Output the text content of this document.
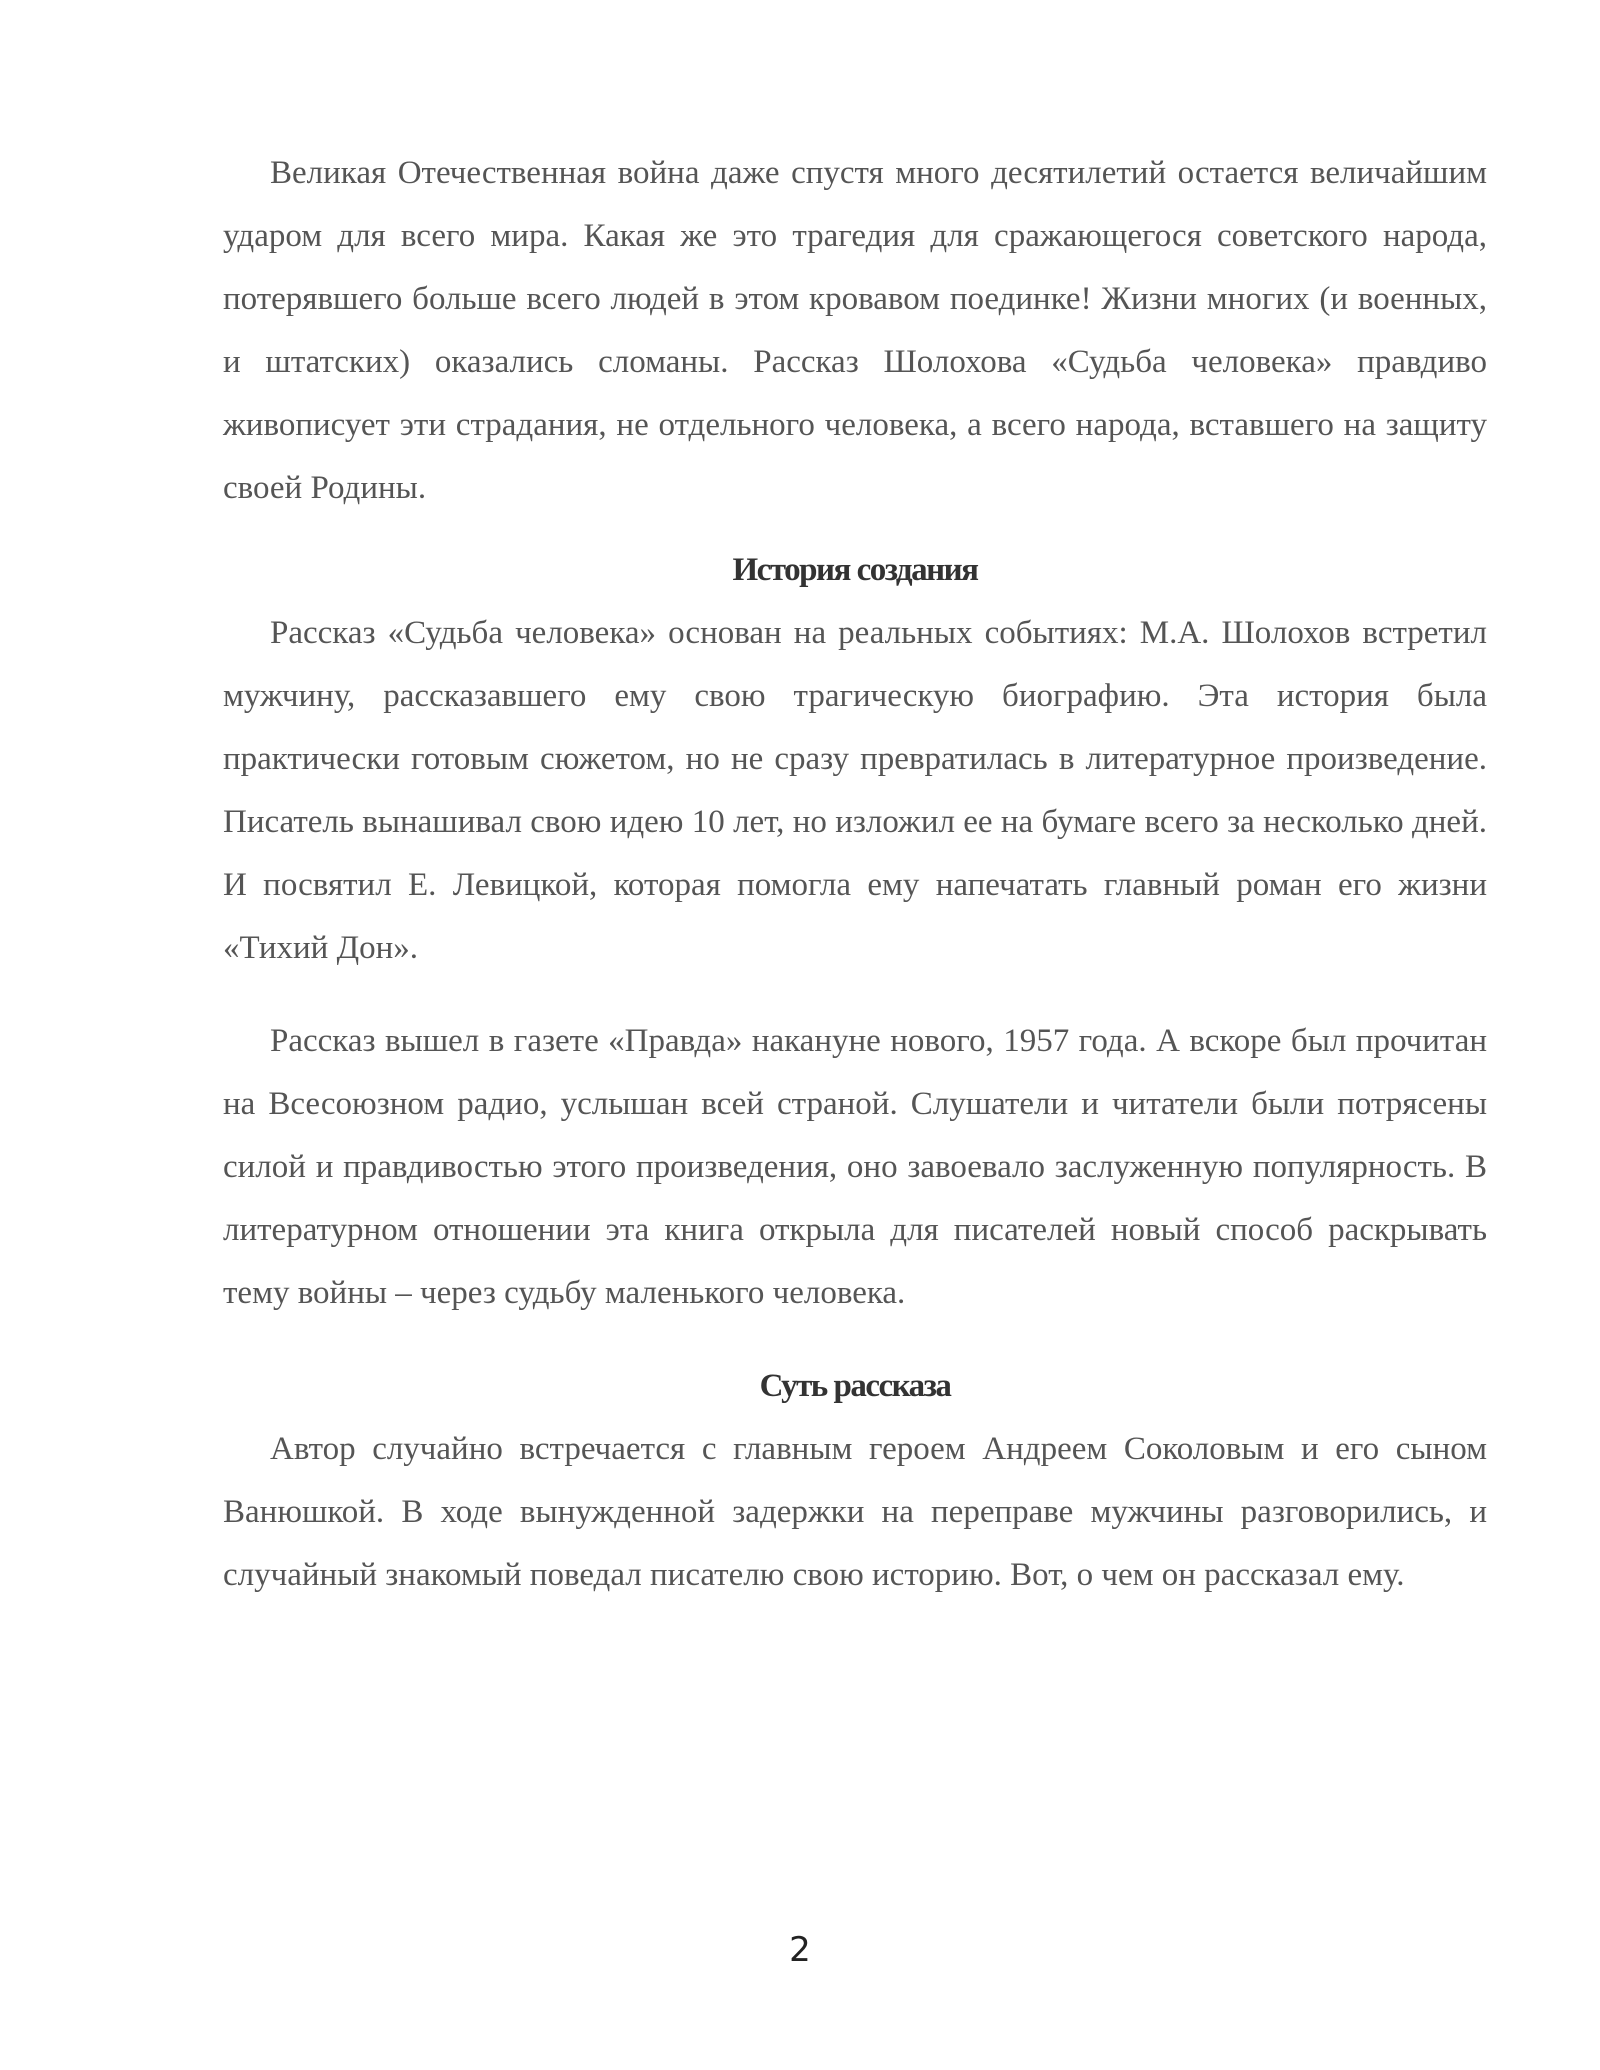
Великая Отечественная война даже спустя много десятилетий остается величайшим ударом для всего мира. Какая же это трагедия для сражающегося советского народа, потерявшего больше всего людей в этом кровавом поединке! Жизни многих (и военных, и штатских) оказались сломаны. Рассказ Шолохова «Судьба человека» правдиво живописует эти страдания, не отдельного человека, а всего народа, вставшего на защиту своей Родины.

История создания

Рассказ «Судьба человека» основан на реальных событиях: М.А. Шолохов встретил мужчину, рассказавшего ему свою трагическую биографию. Эта история была практически готовым сюжетом, но не сразу превратилась в литературное произведение. Писатель вынашивал свою идею 10 лет, но изложил ее на бумаге всего за несколько дней. И посвятил Е. Левицкой, которая помогла ему напечатать главный роман его жизни «Тихий Дон».

Рассказ вышел в газете «Правда» накануне нового, 1957 года. А вскоре был прочитан на Всесоюзном радио, услышан всей страной. Слушатели и читатели были потрясены силой и правдивостью этого произведения, оно завоевало заслуженную популярность. В литературном отношении эта книга открыла для писателей новый способ раскрывать тему войны – через судьбу маленького человека.

Суть рассказа

Автор случайно встречается с главным героем Андреем Соколовым и его сыном Ванюшкой. В ходе вынужденной задержки на переправе мужчины разговорились, и случайный знакомый поведал писателю свою историю. Вот, о чем он рассказал ему.

2
